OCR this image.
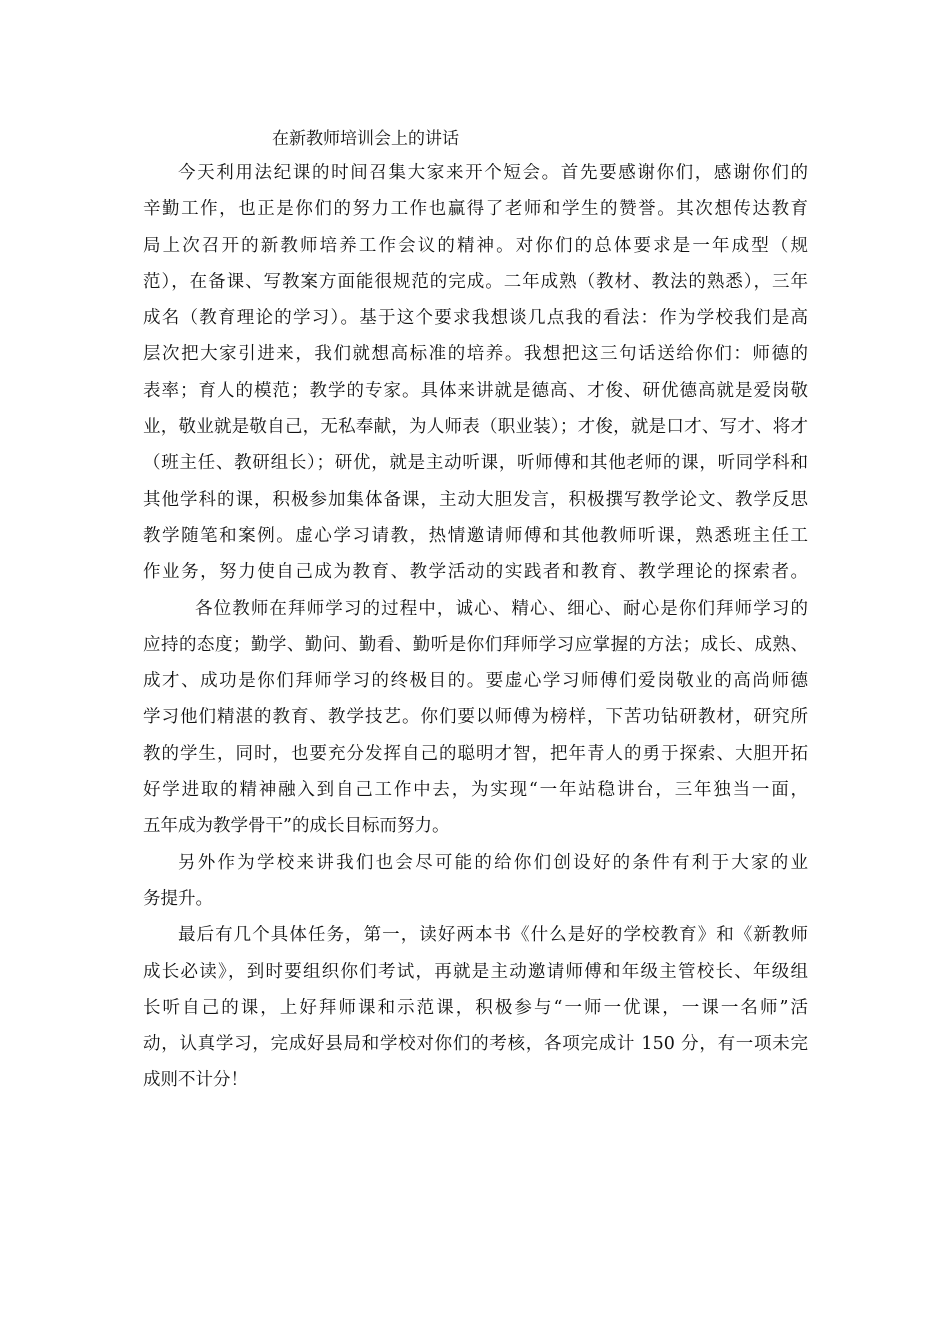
在新教师培训会上的讲话
今天利用法纪课的时间召集大家来开个短会。首先要感谢你们，感谢你们的
辛勤工作，也正是你们的努力工作也赢得了老师和学生的赞誉。其次想传达教育
局上次召开的新教师培养工作会议的精神。对你们的总体要求是一年成型（规
范），在备课、写教案方面能很规范的完成。二年成熟（教材、教法的熟悉），三年
成名（教育理论的学习）。基于这个要求我想谈几点我的看法：作为学校我们是高
层次把大家引进来，我们就想高标准的培养。我想把这三句话送给你们：师德的
表率；育人的模范；教学的专家。具体来讲就是德高、才俊、研优德高就是爱岗敬
业，敬业就是敬自己，无私奉献，为人师表（职业装）；才俊，就是口才、写才、将才
（班主任、教研组长）；研优，就是主动听课，听师傅和其他老师的课，听同学科和
其他学科的课，积极参加集体备课，主动大胆发言，积极撰写教学论文、教学反思
教学随笔和案例。虚心学习请教，热情邀请师傅和其他教师听课，熟悉班主任工
作业务，努力使自己成为教育、教学活动的实践者和教育、教学理论的探索者。
各位教师在拜师学习的过程中，诚心、精心、细心、耐心是你们拜师学习的
应持的态度；勤学、勤问、勤看、勤听是你们拜师学习应掌握的方法；成长、成熟、
成才、成功是你们拜师学习的终极目的。要虚心学习师傅们爱岗敬业的高尚师德
学习他们精湛的教育、教学技艺。你们要以师傅为榜样，下苦功钻研教材，研究所
教的学生，同时，也要充分发挥自己的聪明才智，把年青人的勇于探索、大胆开拓
好学进取的精神融入到自己工作中去，为实现“一年站稳讲台，三年独当一面，
五年成为教学骨干”的成长目标而努力。
另外作为学校来讲我们也会尽可能的给你们创设好的条件有利于大家的业
务提升。
最后有几个具体任务，第一，读好两本书《什么是好的学校教育》和《新教师
成长必读》，到时要组织你们考试，再就是主动邀请师傅和年级主管校长、年级组
长听自己的课，上好拜师课和示范课，积极参与“一师一优课，一课一名师”活
动，认真学习，完成好县局和学校对你们的考核，各项完成计 150 分，有一项未完
成则不计分！
